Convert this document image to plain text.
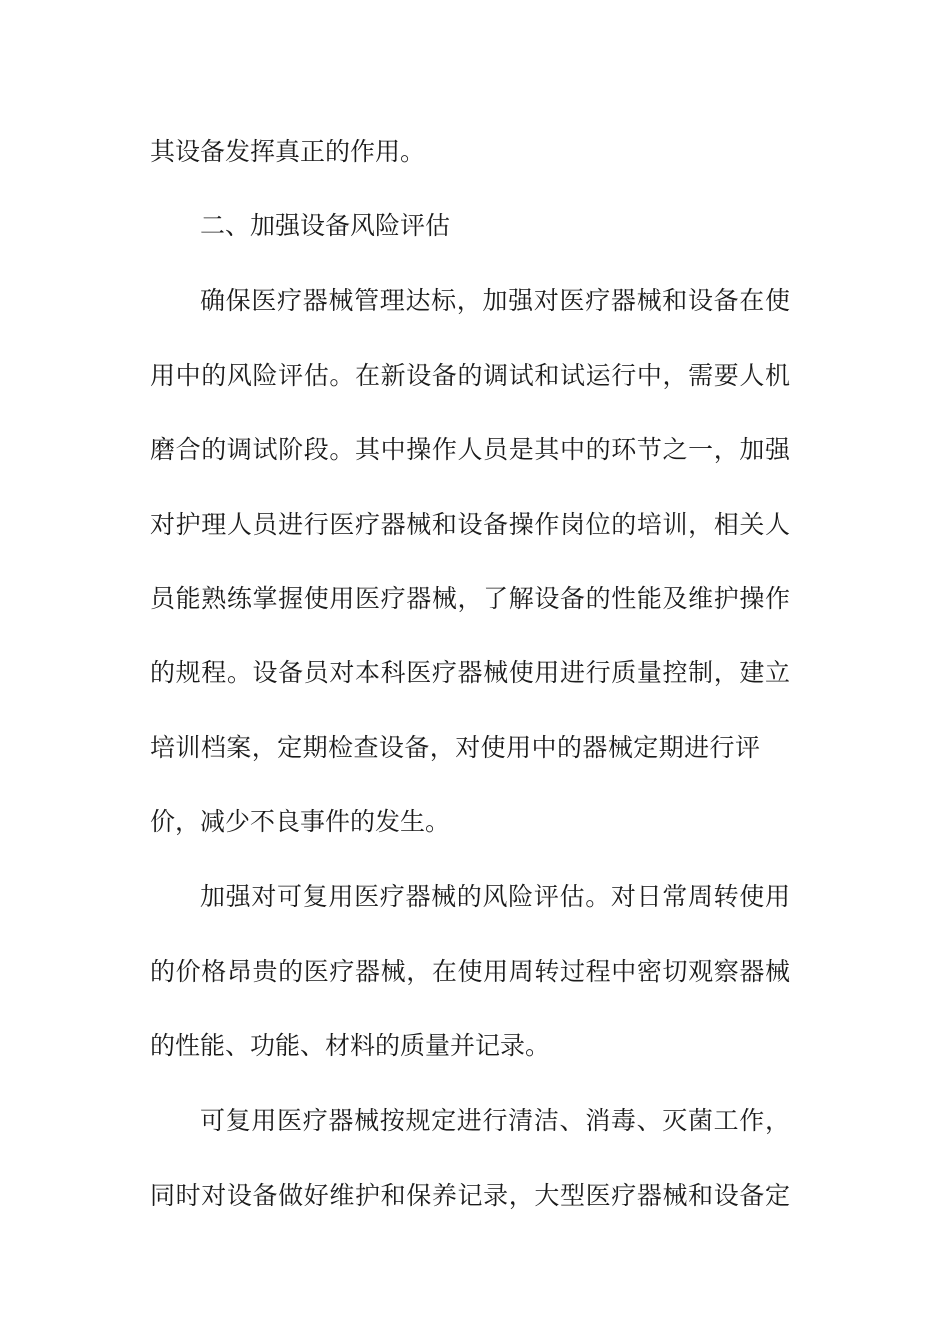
其设备发挥真正的作用。
二、加强设备风险评估
确保医疗器械管理达标，加强对医疗器械和设备在使
用中的风险评估。在新设备的调试和试运行中，需要人机
磨合的调试阶段。其中操作人员是其中的环节之一，加强
对护理人员进行医疗器械和设备操作岗位的培训，相关人
员能熟练掌握使用医疗器械，了解设备的性能及维护操作
的规程。设备员对本科医疗器械使用进行质量控制，建立
培训档案，定期检查设备，对使用中的器械定期进行评
价，减少不良事件的发生。
加强对可复用医疗器械的风险评估。对日常周转使用
的价格昂贵的医疗器械，在使用周转过程中密切观察器械
的性能、功能、材料的质量并记录。
可复用医疗器械按规定进行清洁、消毒、灭菌工作，
同时对设备做好维护和保养记录，大型医疗器械和设备定
